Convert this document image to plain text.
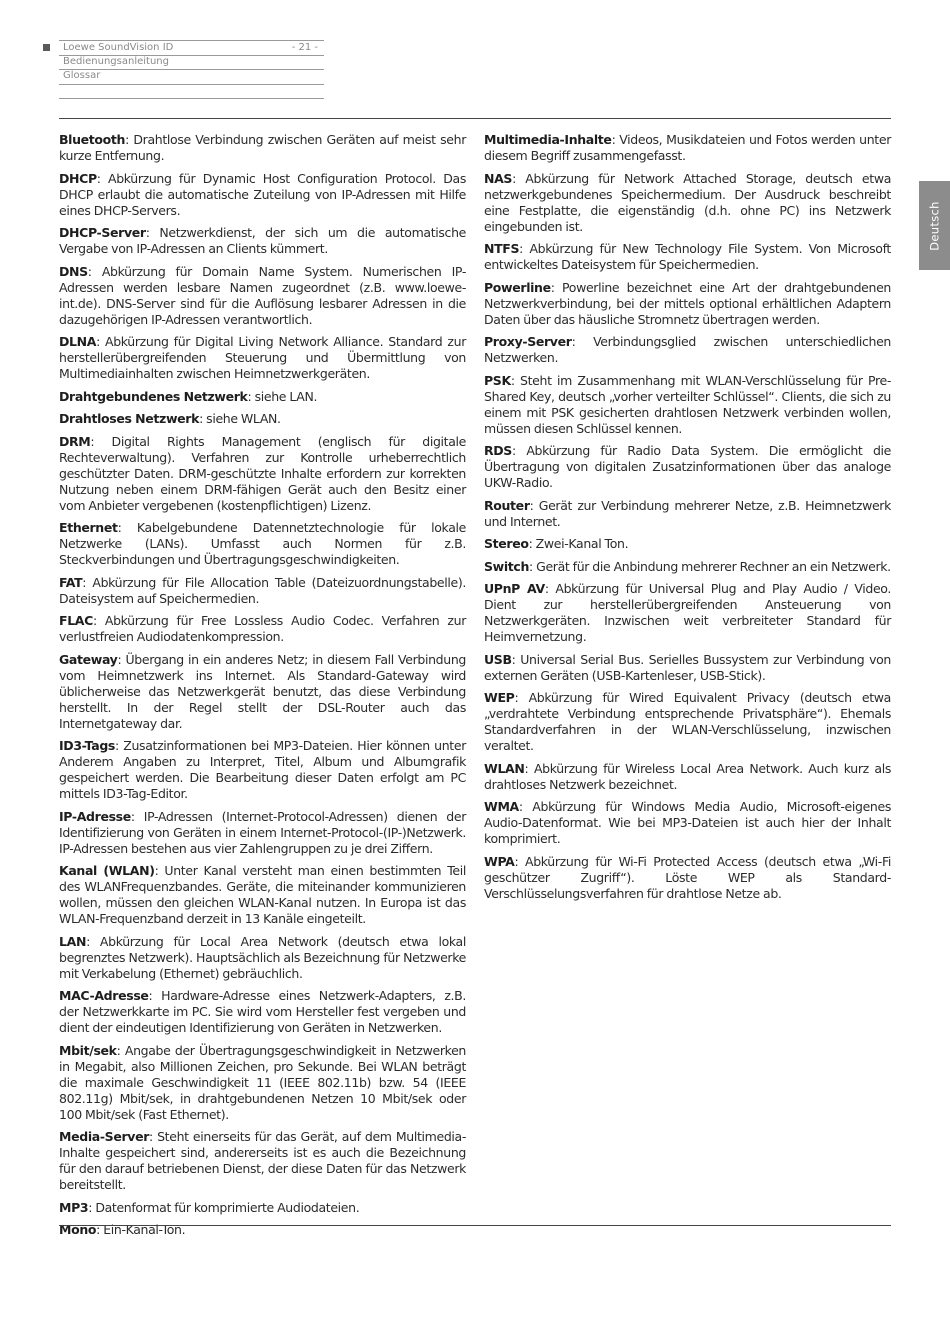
Loewe SoundVision ID	- 21 -
Bedienungsanleitung
Glossar
Deutsch

Bluetooth: Drahtlose Verbindung zwischen Geräten auf meist sehr kurze Entfernung.

DHCP: Abkürzung für Dynamic Host Configuration Protocol. Das DHCP erlaubt die automatische Zuteilung von IP-Adressen mit Hilfe eines DHCP-Servers.

DHCP-Server: Netzwerkdienst, der sich um die automatische Vergabe von IP-Adressen an Clients kümmert.

DNS: Abkürzung für Domain Name System. Numerischen IP-Adressen werden lesbare Namen zugeordnet (z.B. www.loewe-int.de). DNS-Server sind für die Auflösung lesbarer Adressen in die dazugehörigen IP-Adressen verantwortlich.

DLNA: Abkürzung für Digital Living Network Alliance. Standard zur herstellerübergreifenden Steuerung und Übermittlung von Multimediainhalten zwischen Heimnetzwerkgeräten.

Drahtgebundenes Netzwerk: siehe LAN.

Drahtloses Netzwerk: siehe WLAN.

DRM: Digital Rights Management (englisch für digitale Rechteverwaltung). Verfahren zur Kontrolle urheberrechtlich geschützter Daten. DRM-geschützte Inhalte erfordern zur korrekten Nutzung neben einem DRM-fähigen Gerät auch den Besitz einer vom Anbieter vergebenen (kostenpflichtigen) Lizenz.

Ethernet: Kabelgebundene Datennetztechnologie für lokale Netzwerke (LANs). Umfasst auch Normen für z.B. Steckverbindungen und Übertragungsgeschwindigkeiten.

FAT: Abkürzung für File Allocation Table (Dateizuordnungstabelle). Dateisystem auf Speichermedien.

FLAC: Abkürzung für Free Lossless Audio Codec. Verfahren zur verlustfreien Audiodatenkompression.

Gateway: Übergang in ein anderes Netz; in diesem Fall Verbindung vom Heimnetzwerk ins Internet. Als Standard-Gateway wird üblicherweise das Netzwerkgerät benutzt, das diese Verbindung herstellt. In der Regel stellt der DSL-Router auch das Internetgateway dar.

ID3-Tags: Zusatzinformationen bei MP3-Dateien. Hier können unter Anderem Angaben zu Interpret, Titel, Album und Albumgrafik gespeichert werden. Die Bearbeitung dieser Daten erfolgt am PC mittels ID3-Tag-Editor.

IP-Adresse: IP-Adressen (Internet-Protocol-Adressen) dienen der Identifizierung von Geräten in einem Internet-Protocol-(IP-)Netzwerk. IP-Adressen bestehen aus vier Zahlengruppen zu je drei Ziffern.

Kanal (WLAN): Unter Kanal versteht man einen bestimmten Teil des WLANFrequenzbandes. Geräte, die miteinander kommunizieren wollen, müssen den gleichen WLAN-Kanal nutzen. In Europa ist das WLAN-Frequenzband derzeit in 13 Kanäle eingeteilt.

LAN: Abkürzung für Local Area Network (deutsch etwa lokal begrenztes Netzwerk). Hauptsächlich als Bezeichnung für Netzwerke mit Verkabelung (Ethernet) gebräuchlich.

MAC-Adresse: Hardware-Adresse eines Netzwerk-Adapters, z.B. der Netzwerkkarte im PC. Sie wird vom Hersteller fest vergeben und dient der eindeutigen Identifizierung von Geräten in Netzwerken.

Mbit/sek: Angabe der Übertragungsgeschwindigkeit in Netzwerken in Megabit, also Millionen Zeichen, pro Sekunde. Bei WLAN beträgt die maximale Geschwindigkeit 11 (IEEE 802.11b) bzw. 54 (IEEE 802.11g) Mbit/sek, in drahtgebundenen Netzen 10 Mbit/sek oder 100 Mbit/sek (Fast Ethernet).

Media-Server: Steht einerseits für das Gerät, auf dem Multimedia-Inhalte gespeichert sind, andererseits ist es auch die Bezeichnung für den darauf betriebenen Dienst, der diese Daten für das Netzwerk bereitstellt.

MP3: Datenformat für komprimierte Audiodateien.

Mono: Ein-Kanal-Ton.

Multimedia-Inhalte: Videos, Musikdateien und Fotos werden unter diesem Begriff zusammengefasst.

NAS: Abkürzung für Network Attached Storage, deutsch etwa netzwerkgebundenes Speichermedium. Der Ausdruck beschreibt eine Festplatte, die eigenständig (d.h. ohne PC) ins Netzwerk eingebunden ist.

NTFS: Abkürzung für New Technology File System. Von Microsoft entwickeltes Dateisystem für Speichermedien.

Powerline: Powerline bezeichnet eine Art der drahtgebundenen Netzwerkverbindung, bei der mittels optional erhältlichen Adaptern Daten über das häusliche Stromnetz übertragen werden.

Proxy-Server: Verbindungsglied zwischen unterschiedlichen Netzwerken.

PSK: Steht im Zusammenhang mit WLAN-Verschlüsselung für Pre-Shared Key, deutsch „vorher verteilter Schlüssel“. Clients, die sich zu einem mit PSK gesicherten drahtlosen Netzwerk verbinden wollen, müssen diesen Schlüssel kennen.

RDS: Abkürzung für Radio Data System. Die ermöglicht die Übertragung von digitalen Zusatzinformationen über das analoge UKW-Radio.

Router: Gerät zur Verbindung mehrerer Netze, z.B. Heimnetzwerk und Internet.

Stereo: Zwei-Kanal Ton.

Switch: Gerät für die Anbindung mehrerer Rechner an ein Netzwerk.

UPnP AV: Abkürzung für Universal Plug and Play Audio / Video. Dient zur herstellerübergreifenden Ansteuerung von Netzwerkgeräten. Inzwischen weit verbreiteter Standard für Heimvernetzung.

USB: Universal Serial Bus. Serielles Bussystem zur Verbindung von externen Geräten (USB-Kartenleser, USB-Stick).

WEP: Abkürzung für Wired Equivalent Privacy (deutsch etwa „verdrahtete Verbindung entsprechende Privatsphäre“). Ehemals Standardverfahren in der WLAN-Verschlüsselung, inzwischen veraltet.

WLAN: Abkürzung für Wireless Local Area Network. Auch kurz als drahtloses Netzwerk bezeichnet.

WMA: Abkürzung für Windows Media Audio, Microsoft-eigenes Audio-Datenformat. Wie bei MP3-Dateien ist auch hier der Inhalt komprimiert.

WPA: Abkürzung für Wi-Fi Protected Access (deutsch etwa „Wi-Fi geschützer Zugriff“). Löste WEP als Standard-Verschlüsselungsverfahren für drahtlose Netze ab.
